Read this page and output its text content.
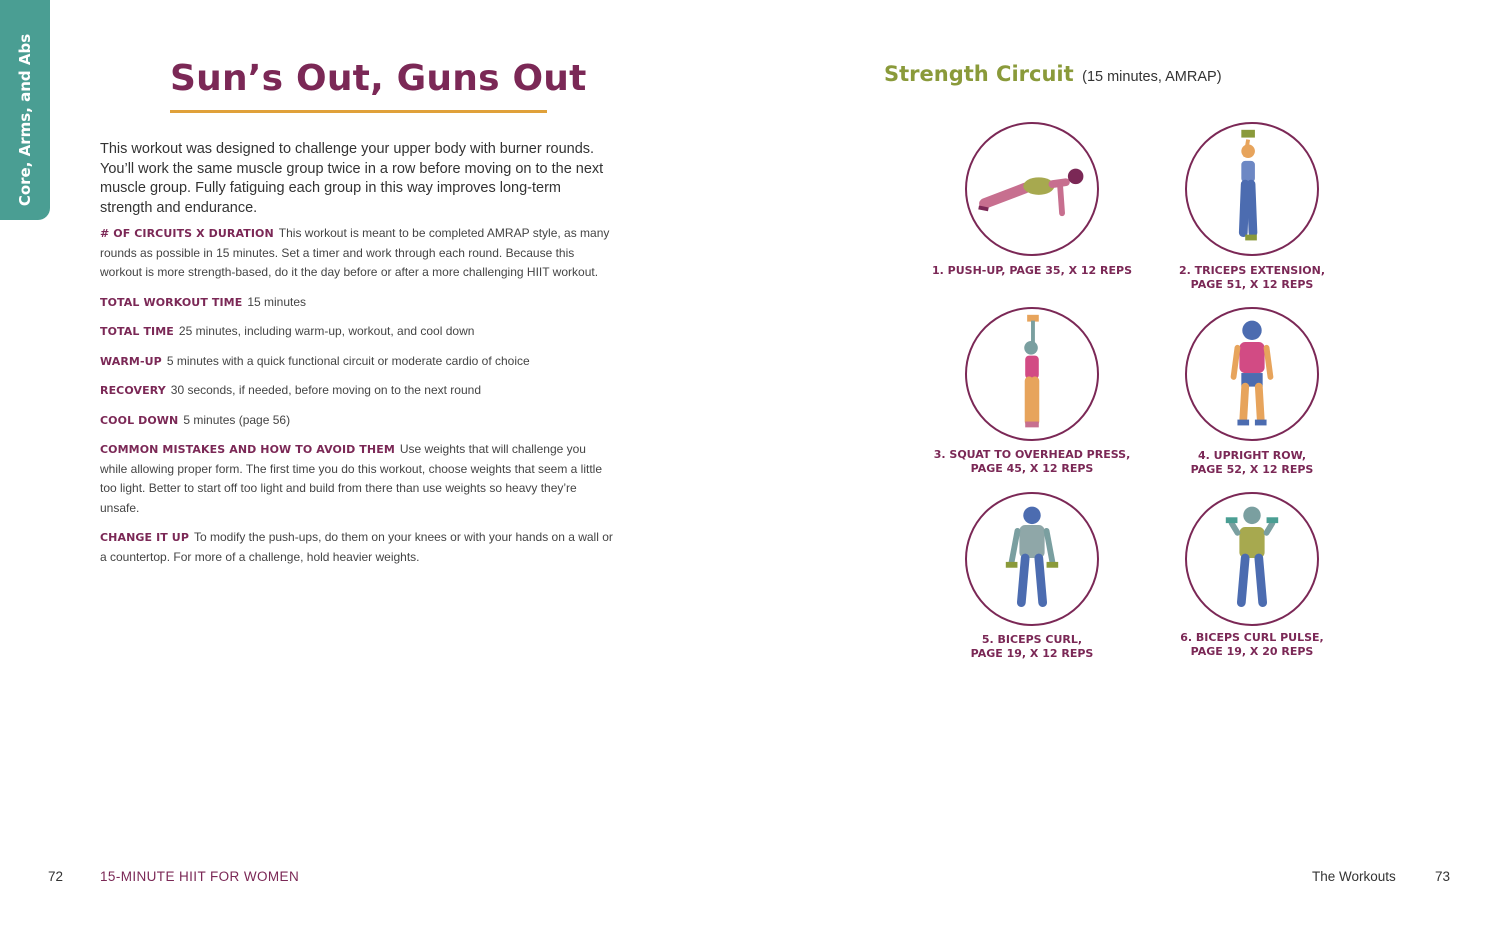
Core, Arms, and Abs	Sun’s Out, Guns Out

This workout was designed to challenge your upper body with burner rounds. You’ll work the same muscle group twice in a row before moving on to the next muscle group. Fully fatiguing each group in this way improves long-term strength and endurance.

# OF CIRCUITS X DURATION This workout is meant to be completed AMRAP style, as many rounds as possible in 15 minutes. Set a timer and work through each round. Because this workout is more strength-based, do it the day before or after a more challenging HIIT workout.

TOTAL WORKOUT TIME 15 minutes

TOTAL TIME 25 minutes, including warm-up, workout, and cool down

WARM-UP 5 minutes with a quick functional circuit or moderate cardio of choice

RECOVERY 30 seconds, if needed, before moving on to the next round

COOL DOWN 5 minutes (page 56)

COMMON MISTAKES AND HOW TO AVOID THEM Use weights that will challenge you while allowing proper form. The first time you do this workout, choose weights that seem a little too light. Better to start off too light and build from there than use weights so heavy they’re unsafe.

CHANGE IT UP To modify the push-ups, do them on your knees or with your hands on a wall or a countertop. For more of a challenge, hold heavier weights.

72	15-MINUTE HIIT FOR WOMEN
Strength Circuit (15 minutes, AMRAP)
1. PUSH-UP, PAGE 35, X 12 REPS	2. TRICEPS EXTENSION,
PAGE 51, X 12 REPS
3. SQUAT TO OVERHEAD PRESS,
PAGE 45, X 12 REPS
4. UPRIGHT ROW,
PAGE 52, X 12 REPS
5. BICEPS CURL,
PAGE 19, X 12 REPS
6. BICEPS CURL PULSE,
PAGE 19, X 20 REPS
The Workouts	73
